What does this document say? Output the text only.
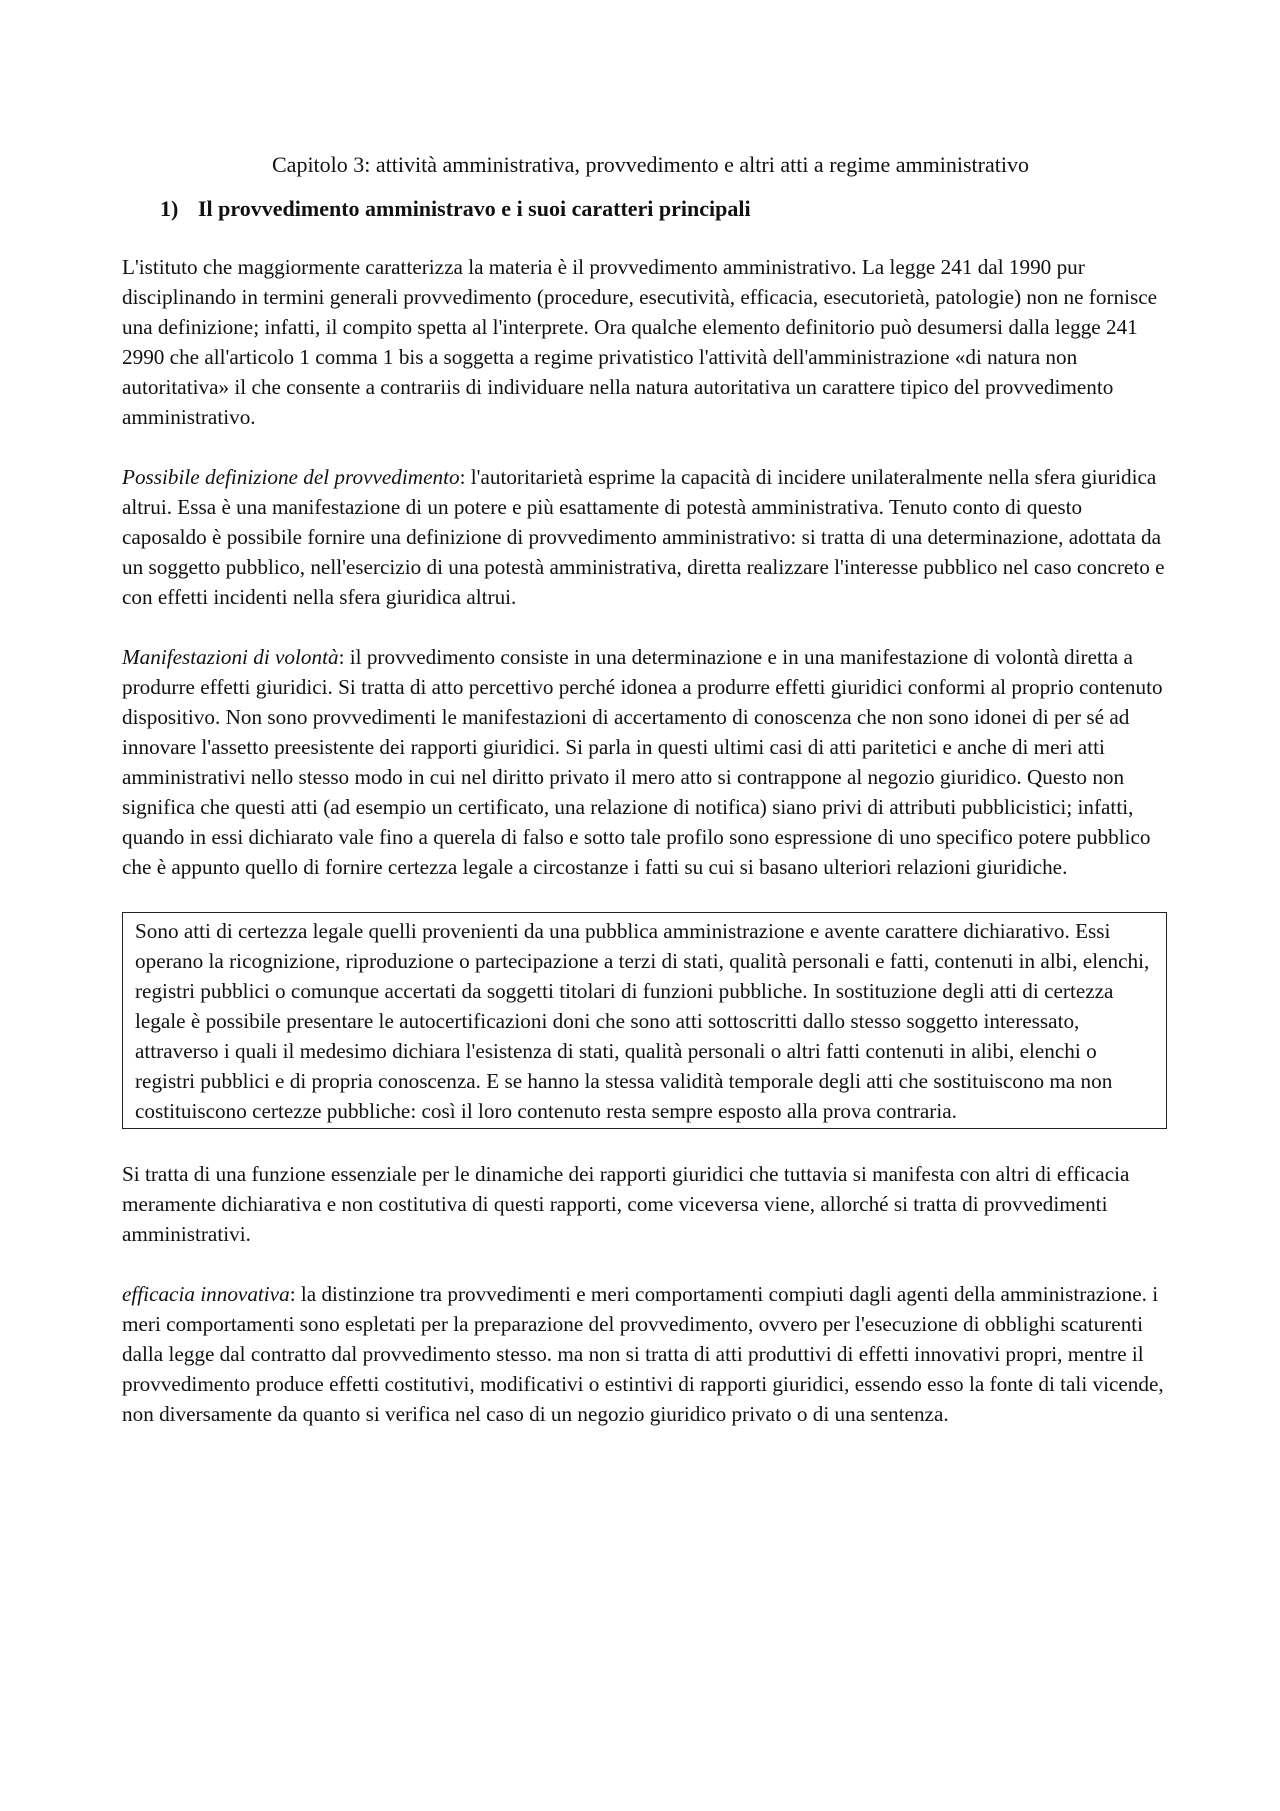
Capitolo 3: attività amministrativa, provvedimento e altri atti a regime amministrativo
1) Il provvedimento amministravo e i suoi caratteri principali

L'istituto che maggiormente caratterizza la materia è il provvedimento amministrativo. La legge 241 dal 1990 pur disciplinando in termini generali provvedimento (procedure, esecutività, efficacia, esecutorietà, patologie) non ne fornisce una definizione; infatti, il compito spetta al l'interprete. Ora qualche elemento definitorio può desumersi dalla legge 241 2990 che all'articolo 1 comma 1 bis a soggetta a regime privatistico l'attività dell'amministrazione «di natura non autoritativa» il che consente a contrariis di individuare nella natura autoritativa un carattere tipico del provvedimento amministrativo.

Possibile definizione del provvedimento: l'autoritarietà esprime la capacità di incidere unilateralmente nella sfera giuridica altrui. Essa è una manifestazione di un potere e più esattamente di potestà amministrativa. Tenuto conto di questo caposaldo è possibile fornire una definizione di provvedimento amministrativo: si tratta di una determinazione, adottata da un soggetto pubblico, nell'esercizio di una potestà amministrativa, diretta realizzare l'interesse pubblico nel caso concreto e con effetti incidenti nella sfera giuridica altrui.

Manifestazioni di volontà: il provvedimento consiste in una determinazione e in una manifestazione di volontà diretta a produrre effetti giuridici. Si tratta di atto percettivo perché idonea a produrre effetti giuridici conformi al proprio contenuto dispositivo. Non sono provvedimenti le manifestazioni di accertamento di conoscenza che non sono idonei di per sé ad innovare l'assetto preesistente dei rapporti giuridici. Si parla in questi ultimi casi di atti paritetici e anche di meri atti amministrativi nello stesso modo in cui nel diritto privato il mero atto si contrappone al negozio giuridico. Questo non significa che questi atti (ad esempio un certificato, una relazione di notifica) siano privi di attributi pubblicistici; infatti, quando in essi dichiarato vale fino a querela di falso e sotto tale profilo sono espressione di uno specifico potere pubblico che è appunto quello di fornire certezza legale a circostanze i fatti su cui si basano ulteriori relazioni giuridiche.

Sono atti di certezza legale quelli provenienti da una pubblica amministrazione e avente carattere dichiarativo. Essi operano la ricognizione, riproduzione o partecipazione a terzi di stati, qualità personali e fatti, contenuti in albi, elenchi, registri pubblici o comunque accertati da soggetti titolari di funzioni pubbliche. In sostituzione degli atti di certezza legale è possibile presentare le autocertificazioni doni che sono atti sottoscritti dallo stesso soggetto interessato, attraverso i quali il medesimo dichiara l'esistenza di stati, qualità personali o altri fatti contenuti in alibi, elenchi o registri pubblici e di propria conoscenza. E se hanno la stessa validità temporale degli atti che sostituiscono ma non costituiscono certezze pubbliche: così il loro contenuto resta sempre esposto alla prova contraria.

Si tratta di una funzione essenziale per le dinamiche dei rapporti giuridici che tuttavia si manifesta con altri di efficacia meramente dichiarativa e non costitutiva di questi rapporti, come viceversa viene, allorché si tratta di provvedimenti amministrativi.

efficacia innovativa: la distinzione tra provvedimenti e meri comportamenti compiuti dagli agenti della amministrazione. i meri comportamenti sono espletati per la preparazione del provvedimento, ovvero per l'esecuzione di obblighi scaturenti dalla legge dal contratto dal provvedimento stesso. ma non si tratta di atti produttivi di effetti innovativi propri, mentre il provvedimento produce effetti costitutivi, modificativi o estintivi di rapporti giuridici, essendo esso la fonte di tali vicende, non diversamente da quanto si verifica nel caso di un negozio giuridico privato o di una sentenza.
